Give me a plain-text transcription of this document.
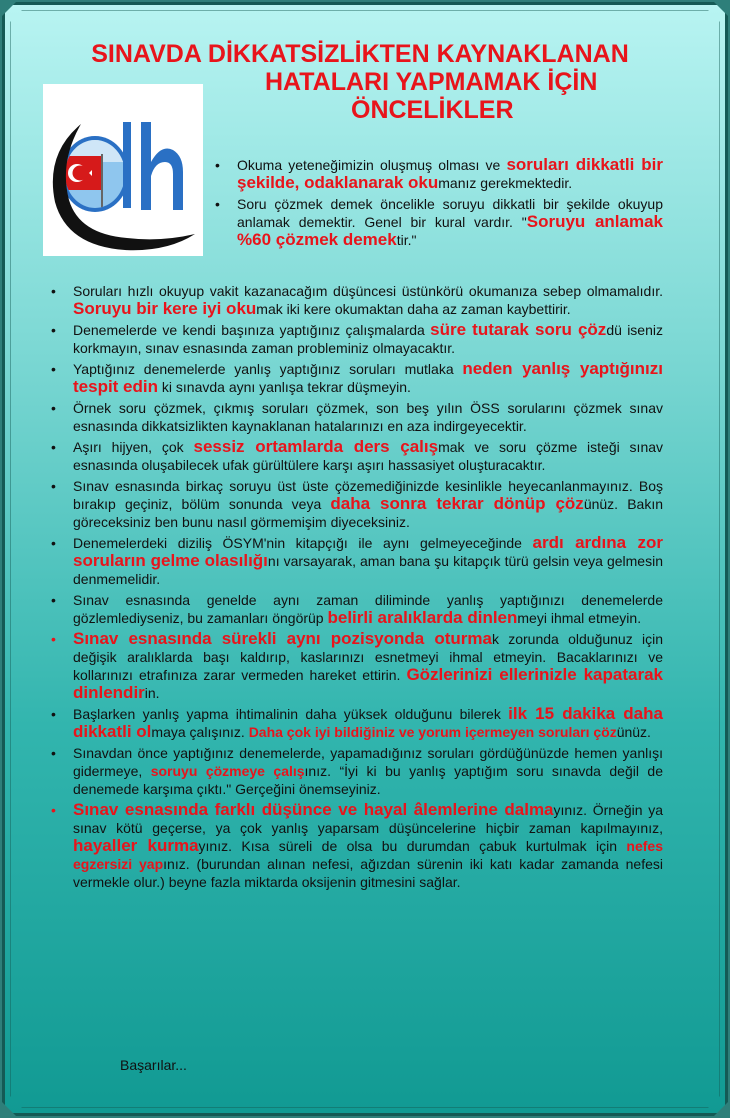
SINAVDA DİKKATSİZLİKTEN KAYNAKLANAN
HATALARI YAPMAMAK İÇİN
ÖNCELİKLER
• Okuma yeteneğimizin oluşmuş olması ve soruları dikkatli bir şekilde, odaklanarak okumanız gerekmektedir.
• Soru çözmek demek öncelikle soruyu dikkatli bir şekilde okuyup anlamak demektir. Genel bir kural vardır. "Soruyu anlamak %60 çözmek demektir."
• Soruları hızlı okuyup vakit kazanacağım düşüncesi üstünkörü okumanıza sebep olmamalıdır. Soruyu bir kere iyi okumak iki kere okumaktan daha az zaman kaybettirir.
• Denemelerde ve kendi başınıza yaptığınız çalışmalarda süre tutarak soru çözdü iseniz korkmayın, sınav esnasında zaman probleminiz olmayacaktır.
• Yaptığınız denemelerde yanlış yaptığınız soruları mutlaka neden yanlış yaptığınızı tespit edin ki sınavda aynı yanlışa tekrar düşmeyin.
• Örnek soru çözmek, çıkmış soruları çözmek, son beş yılın ÖSS sorularını çözmek sınav esnasında dikkatsizlikten kaynaklanan hatalarınızı en aza indirgeyecektir.
• Aşırı hijyen, çok sessiz ortamlarda ders çalışmak ve soru çözme isteği sınav esnasında oluşabilecek ufak gürültülere karşı aşırı hassasiyet oluşturacaktır.
• Sınav esnasında birkaç soruyu üst üste çözemediğinizde kesinlikle heyecanlanmayınız. Boş bırakıp geçiniz, bölüm sonunda veya daha sonra tekrar dönüp çözünüz. Bakın göreceksiniz ben bunu nasıl görmemişim diyeceksiniz.
• Denemelerdeki diziliş ÖSYM'nin kitapçığı ile aynı gelmeyeceğinde ardı ardına zor soruların gelme olasılığını varsayarak, aman bana şu kitapçık türü gelsin veya gelmesin denmemelidir.
• Sınav esnasında genelde aynı zaman diliminde yanlış yaptığınızı denemelerde gözlemlediyseniz, bu zamanları öngörüp belirli aralıklarda dinlenmeyi ihmal etmeyin.
• Sınav esnasında sürekli aynı pozisyonda oturmak zorunda olduğunuz için değişik aralıklarda başı kaldırıp, kaslarınızı esnetmeyi ihmal etmeyin. Bacaklarınızı ve kollarınızı etrafınıza zarar vermeden hareket ettirin. Gözlerinizi ellerinizle kapatarak dinlendirin.
• Başlarken yanlış yapma ihtimalinin daha yüksek olduğunu bilerek ilk 15 dakika daha dikkatli olmaya çalışınız. Daha çok iyi bildiğiniz ve yorum içermeyen soruları çözünüz.
• Sınavdan önce yaptığınız denemelerde, yapamadığınız soruları gördüğünüzde hemen yanlışı gidermeye, soruyu çözmeye çalışınız. “İyi ki bu yanlış yaptığım soru sınavda değil de denemede karşıma çıktı." Gerçeğini önemseyiniz.
• Sınav esnasında farklı düşünce ve hayal âlemlerine dalmayınız. Örneğin ya sınav kötü geçerse, ya çok yanlış yaparsam düşüncelerine hiçbir zaman kapılmayınız, hayaller kurmayınız. Kısa süreli de olsa bu durumdan çabuk kurtulmak için nefes egzersizi yapınız. (burundan alınan nefesi, ağızdan sürenin iki katı kadar zamanda nefesi vermekle olur.) beyne fazla miktarda oksijenin gitmesini sağlar.
Başarılar...
